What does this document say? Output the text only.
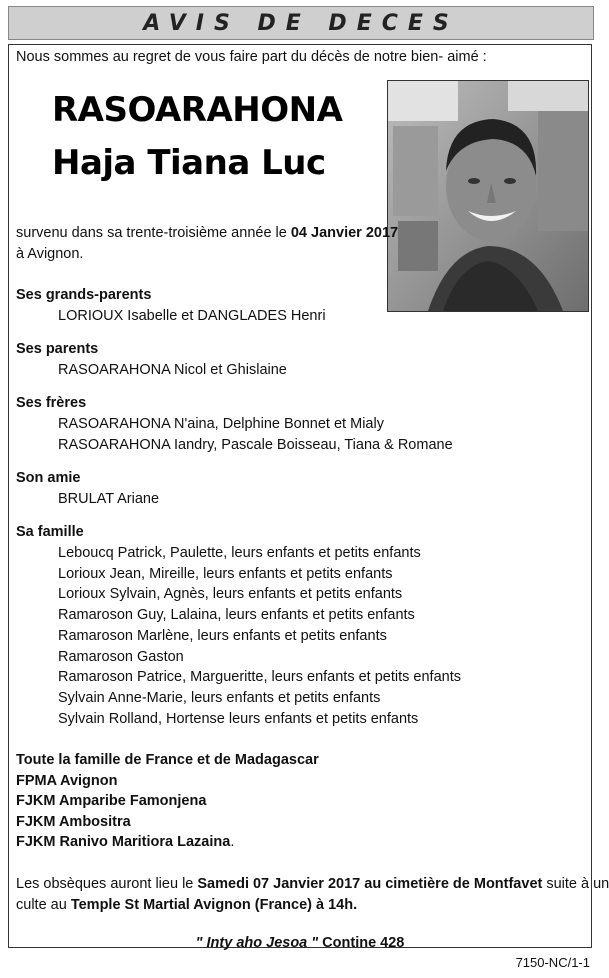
AVIS DE DECES
Nous sommes au regret de vous faire part du décès de notre bien- aimé :
RASOARAHONA
Haja Tiana Luc
survenu dans sa trente-troisième année le 04 Janvier 2017
à Avignon.
Ses grands-parents
LORIOUX Isabelle et DANGLADES Henri
Ses parents
RASOARAHONA Nicol et Ghislaine
Ses frères
RASOARAHONA N'aina, Delphine Bonnet et Mialy
RASOARAHONA Iandry, Pascale Boisseau, Tiana & Romane
Son amie
BRULAT Ariane
Sa famille
Leboucq Patrick, Paulette, leurs enfants et petits enfants
Lorioux Jean, Mireille, leurs enfants et petits enfants
Lorioux Sylvain, Agnès, leurs enfants et petits enfants
Ramaroson Guy, Lalaina, leurs enfants et petits enfants
Ramaroson Marlène, leurs enfants et petits enfants
Ramaroson Gaston
Ramaroson Patrice, Margueritte, leurs enfants et petits enfants
Sylvain Anne-Marie, leurs enfants et petits enfants
Sylvain Rolland, Hortense leurs enfants et petits enfants
Toute la famille de France et de Madagascar
FPMA Avignon
FJKM Amparibe Famonjena
FJKM Ambositra
FJKM Ranivo Maritiora Lazaina.
Les obsèques auront lieu le Samedi 07 Janvier 2017 au cimetière de Montfavet suite à un
culte au Temple St Martial Avignon (France) à 14h.
" Inty aho Jesoa " Contine 428
7150-NC/1-1
